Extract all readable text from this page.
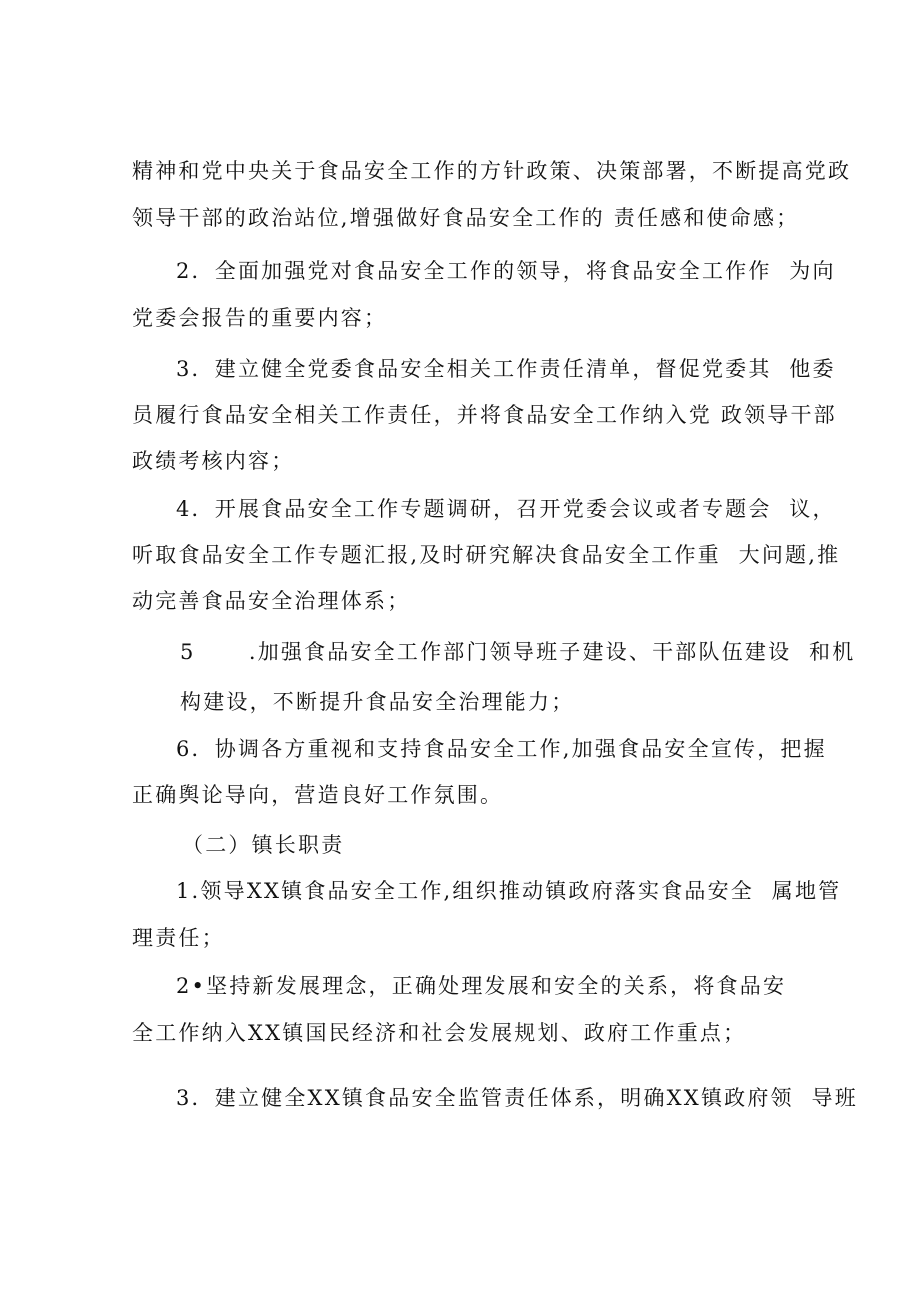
精神和党中央关于食品安全工作的方针政策、决策部署，不断提高党政
领导干部的政治站位,增强做好食品安全工作的 责任感和使命感；
2．全面加强党对食品安全工作的领导，将食品安全工作作  为向
党委会报告的重要内容；
3．建立健全党委食品安全相关工作责任清单，督促党委其  他委
员履行食品安全相关工作责任，并将食品安全工作纳入党 政领导干部
政绩考核内容；
4．开展食品安全工作专题调研，召开党委会议或者专题会  议，
听取食品安全工作专题汇报,及时研究解决食品安全工作重  大问题,推
动完善食品安全治理体系；
5      .加强食品安全工作部门领导班子建设、干部队伍建设  和机
构建设，不断提升食品安全治理能力；
6．协调各方重视和支持食品安全工作,加强食品安全宣传，把握
正确舆论导向，营造良好工作氛围。
（二）镇长职责
1.领导XX镇食品安全工作,组织推动镇政府落实食品安全  属地管
理责任；
2•坚持新发展理念，正确处理发展和安全的关系，将食品安
全工作纳入XX镇国民经济和社会发展规划、政府工作重点；
3．建立健全XX镇食品安全监管责任体系，明确XX镇政府领  导班
